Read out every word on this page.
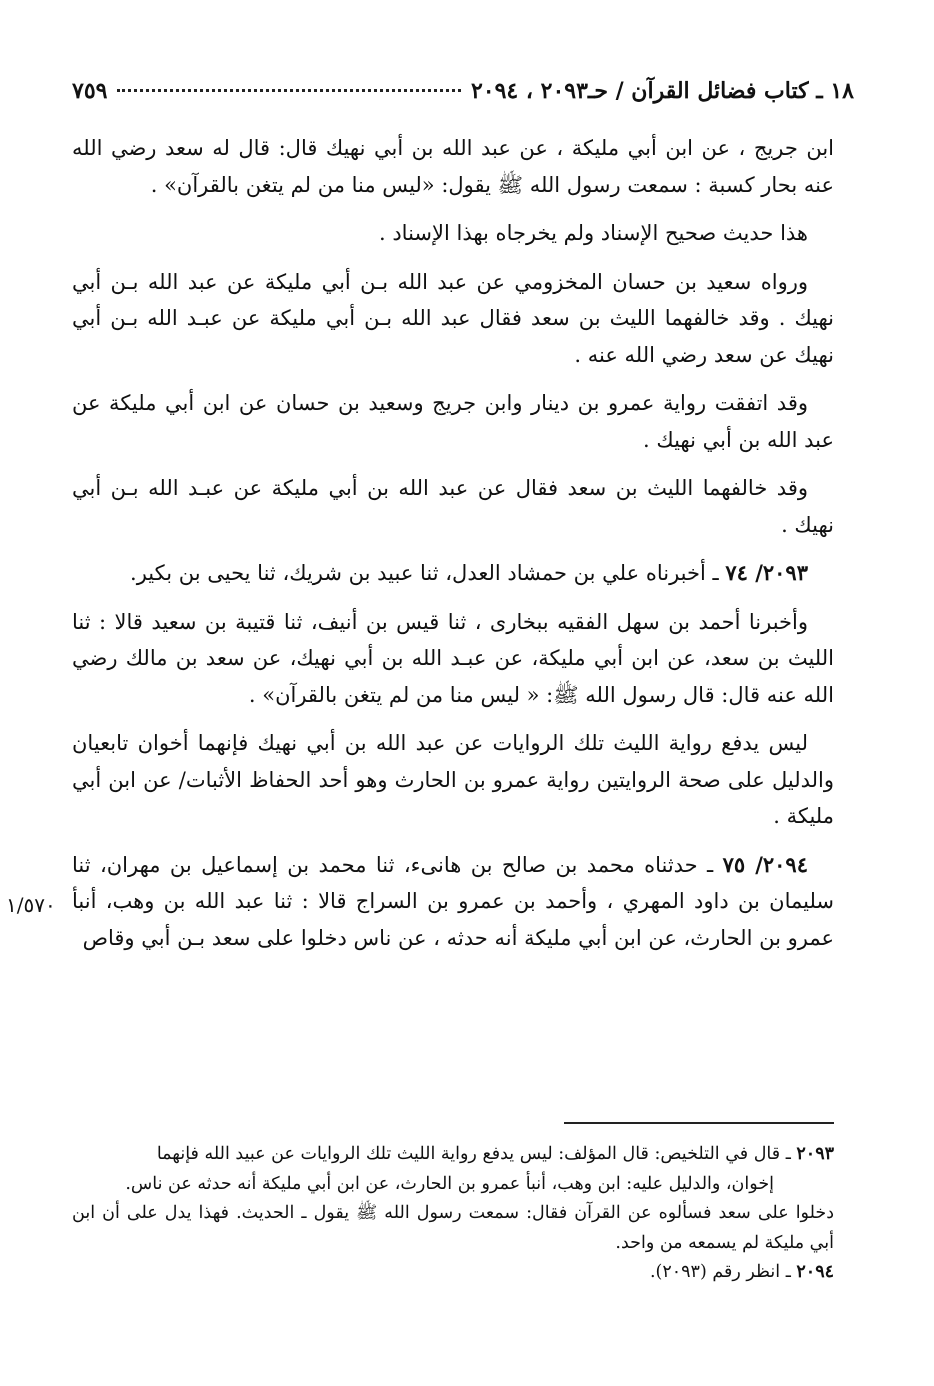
١٨ ـ كتاب فضائل القرآن / حـ٢٠٩٣ ، ٢٠٩٤
٧٥٩

ابن جريج ، عن ابن أبي مليكة ، عن عبد الله بن أبي نهيك قال: قال له سعد رضي الله عنه بحار كسبة : سمعت رسول الله ﷺ يقول: «ليس منا من لم يتغن بالقرآن» .

هذا حديث صحيح الإسناد ولم يخرجاه بهذا الإسناد .

ورواه سعيد بن حسان المخزومي عن عبد الله بـن أبي مليكة عن عبد الله بـن أبي نهيك . وقد خالفهما الليث بن سعد فقال عبد الله بـن أبي مليكة عن عبـد الله بـن أبي نهيك عن سعد رضي الله عنه .

وقد اتفقت رواية عمرو بن دينار وابن جريج وسعيد بن حسان عن ابن أبي مليكة عن عبد الله بن أبي نهيك .

وقد خالفهما الليث بن سعد فقال عن عبد الله بن أبي مليكة عن عبـد الله بـن أبي نهيك .

٢٠٩٣/ ٧٤ ـ أخبرناه علي بن حمشاد العدل، ثنا عبيد بن شريك، ثنا يحيى بن بكير.

وأخبرنا أحمد بن سهل الفقيه ببخارى ، ثنا قيس بن أنيف، ثنا قتيبة بن سعيد قالا : ثنا الليث بن سعد، عن ابن أبي مليكة، عن عبـد الله بن أبي نهيك، عن سعد بن مالك رضي الله عنه قال: قال رسول الله ﷺ: « ليس منا من لم يتغن بالقرآن» .

ليس يدفع رواية الليث تلك الروايات عن عبد الله بن أبي نهيك فإنهما أخوان تابعيان والدليل على صحة الروايتين رواية عمرو بن الحارث وهو أحد الحفاظ الأثبات/ عن ابن أبي مليكة .

٢٠٩٤/ ٧٥ ـ حدثناه محمد بن صالح بن هانىء، ثنا محمد بن إسماعيل بن مهران، ثنا سليمان بن داود المهري ، وأحمد بن عمرو بن السراج قالا : ثنا عبد الله بن وهب، أنبأ عمرو بن الحارث، عن ابن أبي مليكة أنه حدثه ، عن ناس دخلوا على سعد بـن أبي وقاص

١/٥٧٠

٢٠٩٣ ـ قال في التلخيص: قال المؤلف: ليس يدفع رواية الليث تلك الروايات عن عبيد الله فإنهما

إخوان، والدليل عليه: ابن وهب، أنبأ عمرو بن الحارث، عن ابن أبي مليكة أنه حدثه عن ناس.

دخلوا على سعد فسألوه عن القرآن فقال: سمعت رسول الله ﷺ يقول ـ الحديث. فهذا يدل على أن ابن أبي مليكة لم يسمعه من واحد.

٢٠٩٤ ـ انظر رقم (٢٠٩٣).
